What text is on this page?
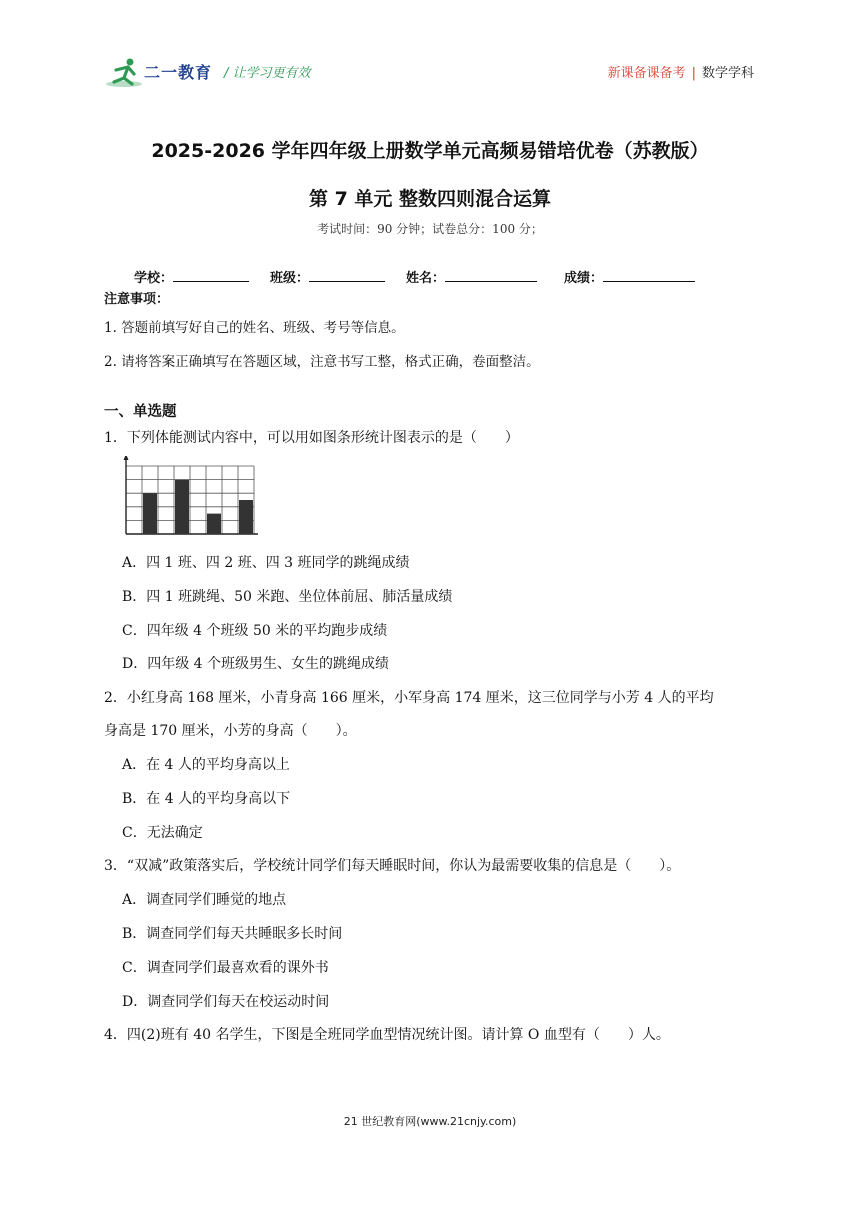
二一教育 / 让学习更有效	新课备课备考 | 数学学科
2025-2026 学年四年级上册数学单元高频易错培优卷（苏教版）
第 7 单元 整数四则混合运算
考试时间：90 分钟；试卷总分：100 分；
学校：	班级：	姓名：	成绩：
注意事项：
1. 答题前填写好自己的姓名、班级、考号等信息。
2. 请将答案正确填写在答题区域，注意书写工整，格式正确，卷面整洁。
一、单选题
1．下列体能测试内容中，可以用如图条形统计图表示的是（　　）
A．四 1 班、四 2 班、四 3 班同学的跳绳成绩
B．四 1 班跳绳、50 米跑、坐位体前屈、肺活量成绩
C．四年级 4 个班级 50 米的平均跑步成绩
D．四年级 4 个班级男生、女生的跳绳成绩
2．小红身高 168 厘米，小青身高 166 厘米，小军身高 174 厘米，这三位同学与小芳 4 人的平均
身高是 170 厘米，小芳的身高（　　）。
A．在 4 人的平均身高以上
B．在 4 人的平均身高以下
C．无法确定
3．“双减”政策落实后，学校统计同学们每天睡眠时间，你认为最需要收集的信息是（　　）。
A．调查同学们睡觉的地点
B．调查同学们每天共睡眠多长时间
C．调查同学们最喜欢看的课外书
D．调查同学们每天在校运动时间
4．四(2)班有 40 名学生，下图是全班同学血型情况统计图。请计算 O 血型有（　　）人。
21 世纪教育网(www.21cnjy.com)
